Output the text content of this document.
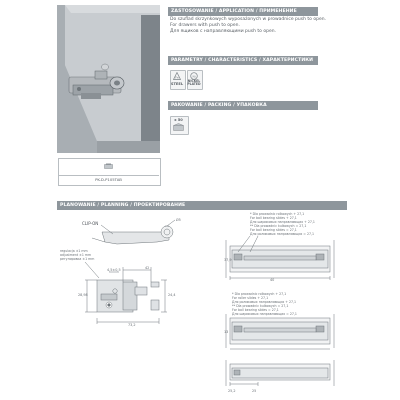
PK-D-P105TAB
ZASTOSOWANIE / APPLICATION / ПРИМЕНЕНИЕ
Do szuflad skrzynkowych wyposażonych w prowadnice push to open.
For drawers with push to open.
Для ящиков с направляющими push to open.
PARAMETRY / CHARACTERISTICS / ХАРАКТЕРИСТИКИ
Fe
STEEL
Ni
NICKEL
PLATED
PAKOWANIE / PACKING / УПАКОВКА
x 50
PLANOWANIE / PLANNING / ПРОЕКТИРОВАНИЕ
CLIP-ON
Ø5
regulacja ±1 mm
adjustment ±1 mm
регулировка ±1 mm
4,5±0,5	42
28,98	24,4
73,2
* Dla prowadnic rolkowych + 27,1
For ball bearing slides + 27,1
Для шариковых направляющих + 27,1
** Dla prowadnic kulkowych = 27,1
For ball bearing slides = 27,1
Для роликовых направляющих = 27,1
37,9
40
* Dla prowadnic rolkowych + 27,1
For roller slides + 27,1
Для роликовых направляющих + 27,1
** Dla prowadnic kulkowych = 27,1
For ball bearing slides = 27,1
Для шариковых направляющих = 27,1
13
25,2	25
